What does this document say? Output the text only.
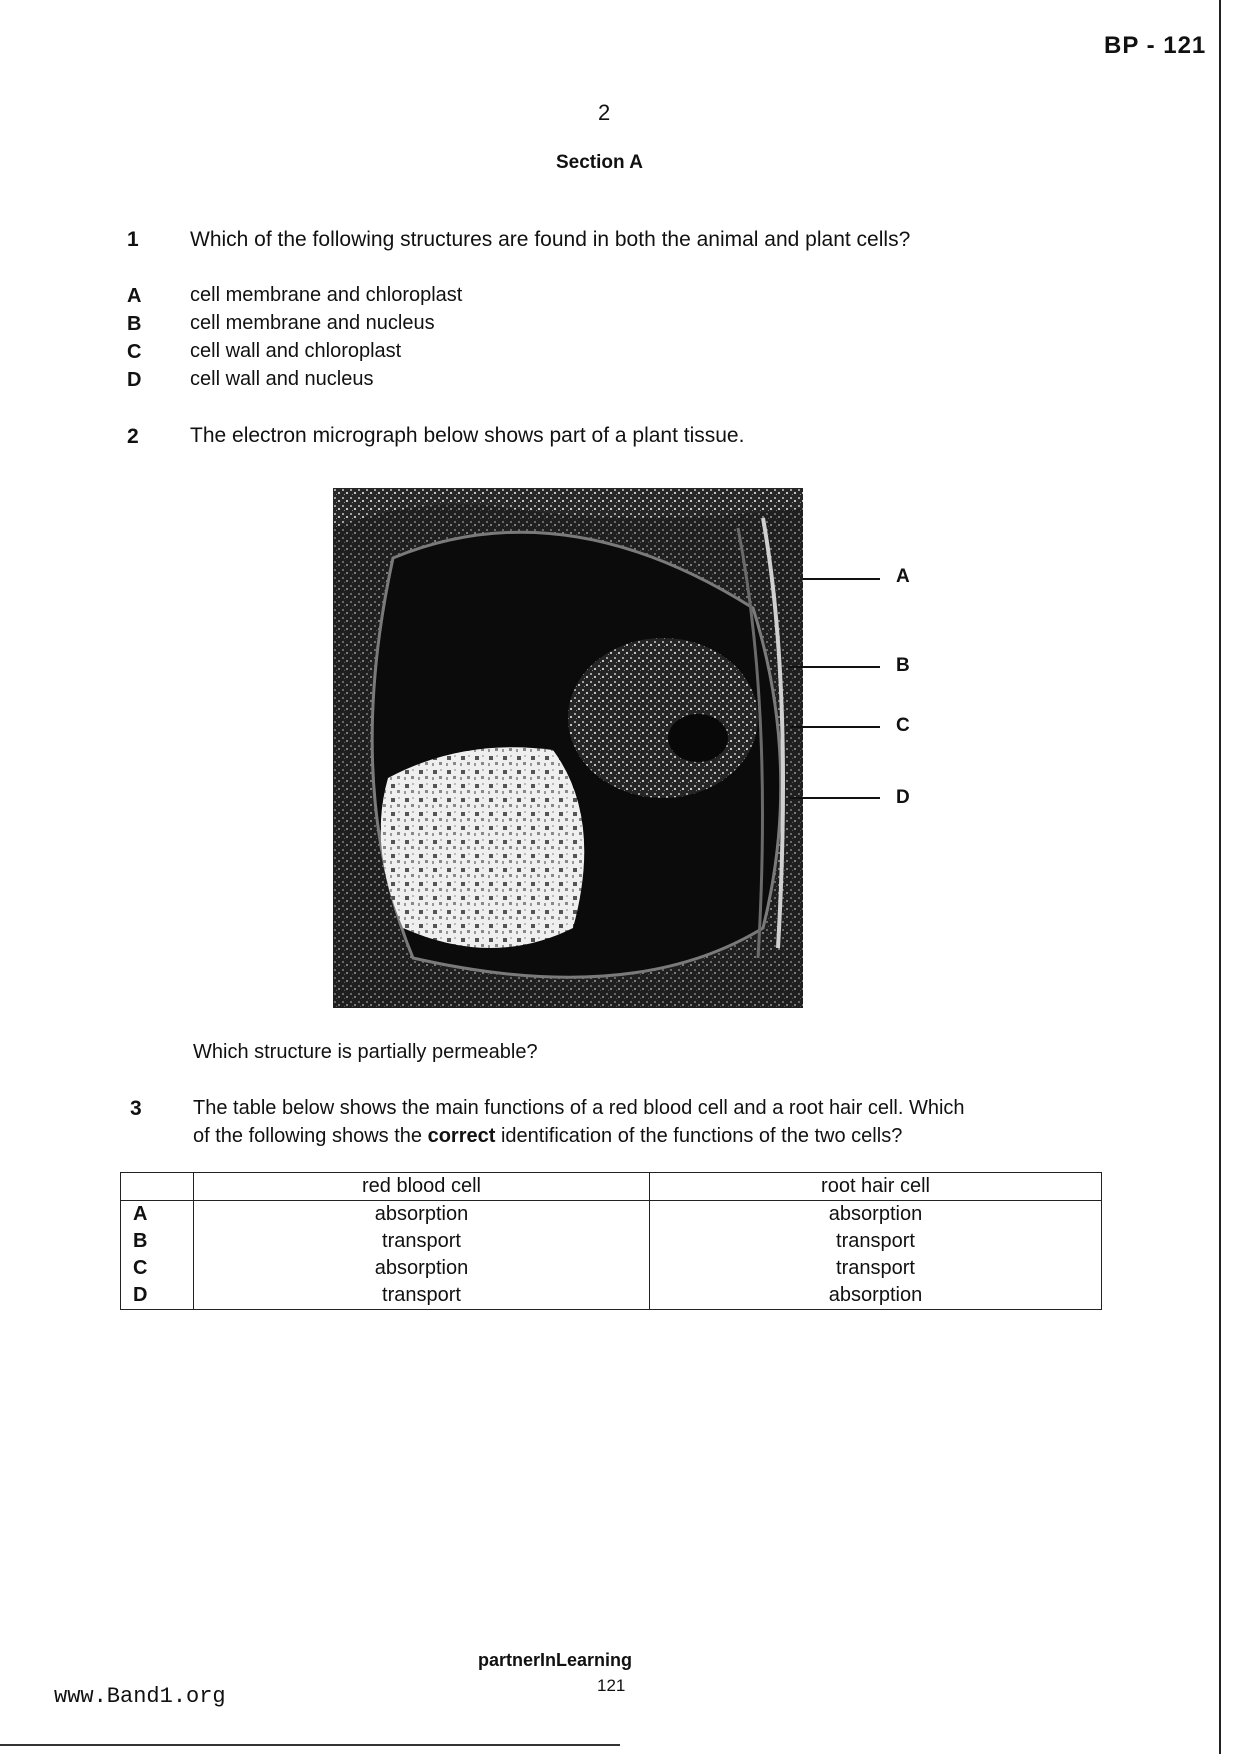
BP - 121
2
Section A
1 Which of the following structures are found in both the animal and plant cells?
A cell membrane and chloroplast
B cell membrane and nucleus
C cell wall and chloroplast
D cell wall and nucleus
2 The electron micrograph below shows part of a plant tissue.
A
B
C
D
Which structure is partially permeable?
3	The table below shows the main functions of a red blood cell and a root hair cell. Which
of the following shows the correct identification of the functions of the two cells?
	red blood cell	root hair cell
A	absorption	absorption
B	transport	transport
C	absorption	transport
D	transport	absorption
partnerInLearning
121
www.Band1.org
